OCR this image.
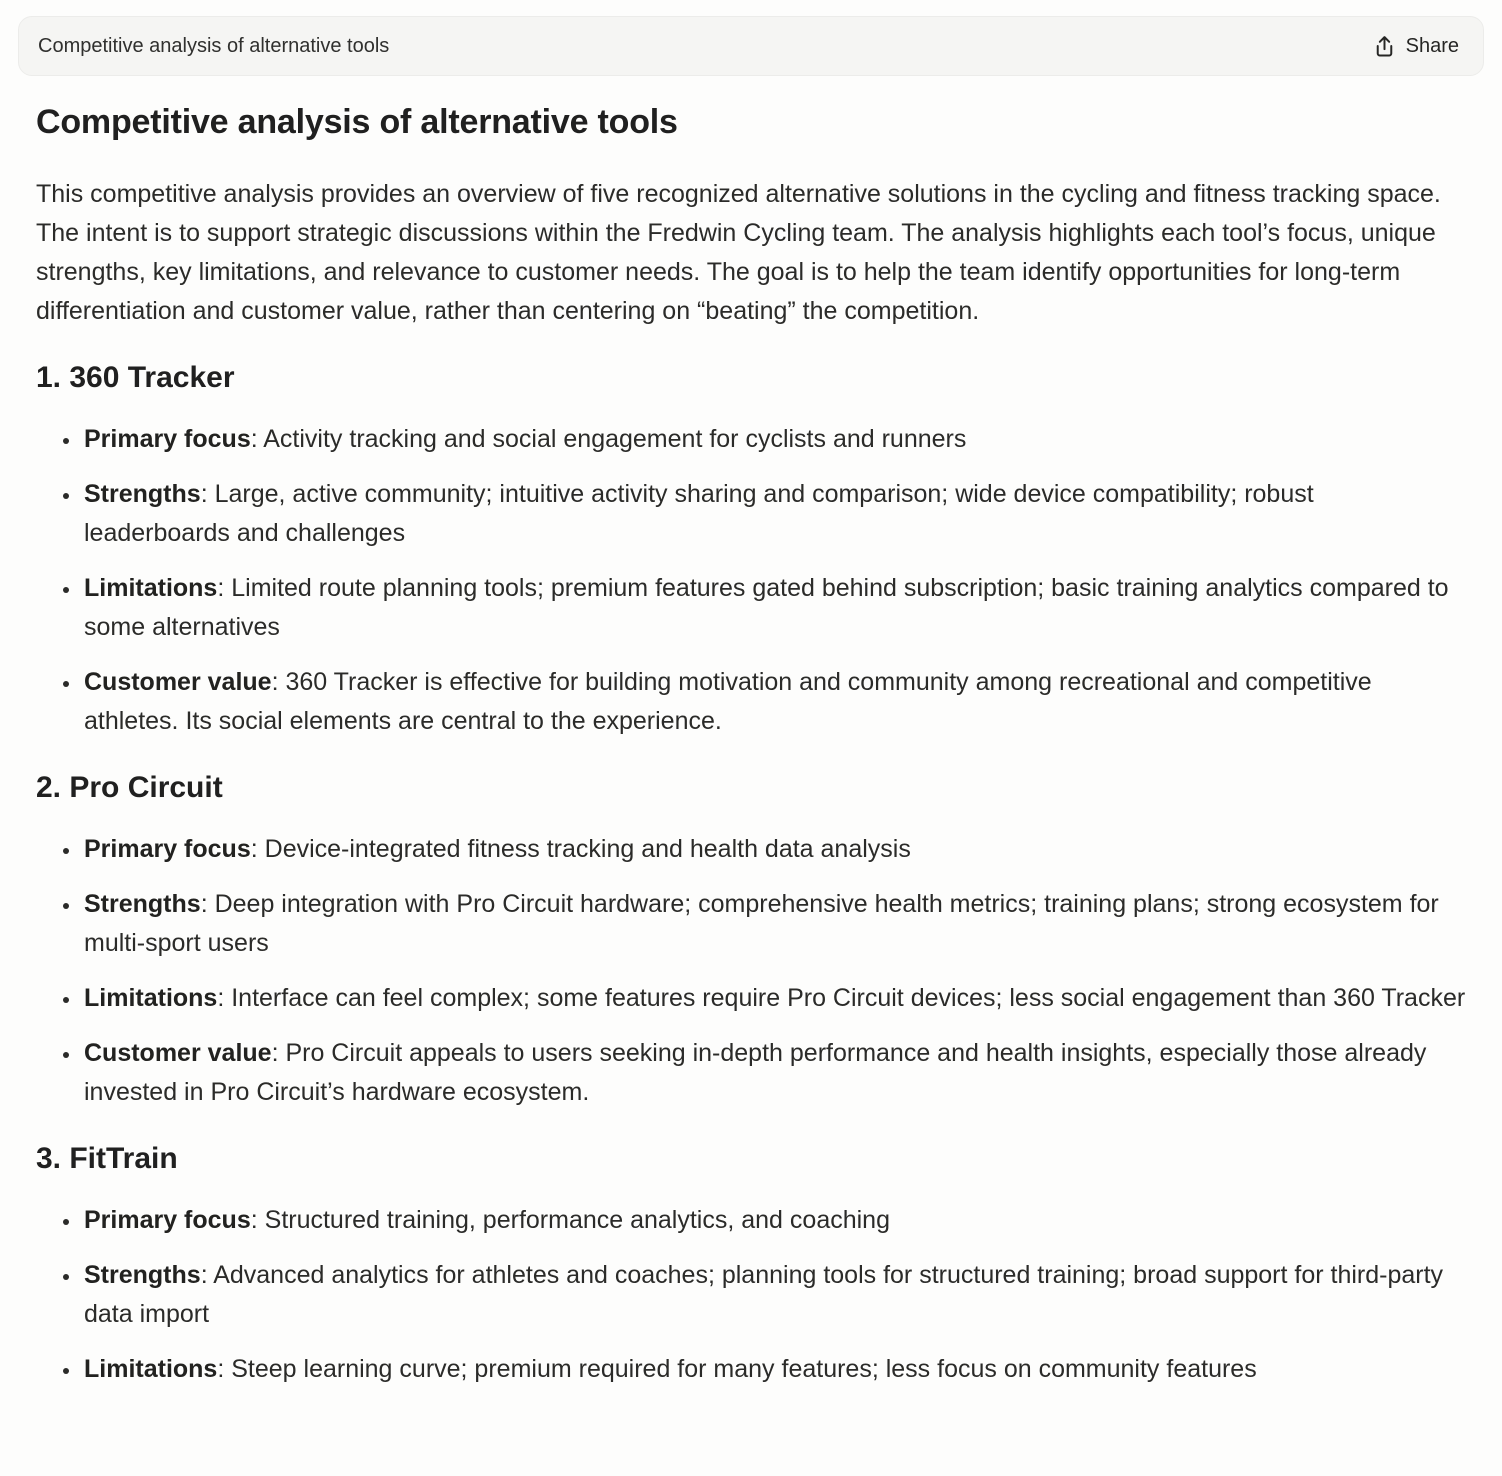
Competitive analysis of alternative tools	Share
Competitive analysis of alternative tools

This competitive analysis provides an overview of five recognized alternative solutions in the cycling and fitness tracking space. The intent is to support strategic discussions within the Fredwin Cycling team. The analysis highlights each tool’s focus, unique strengths, key limitations, and relevance to customer needs. The goal is to help the team identify opportunities for long-term differentiation and customer value, rather than centering on “beating” the competition.

1. 360 Tracker
• Primary focus: Activity tracking and social engagement for cyclists and runners
• Strengths: Large, active community; intuitive activity sharing and comparison; wide device compatibility; robust leaderboards and challenges
• Limitations: Limited route planning tools; premium features gated behind subscription; basic training analytics compared to some alternatives
• Customer value: 360 Tracker is effective for building motivation and community among recreational and competitive athletes. Its social elements are central to the experience.
2. Pro Circuit
• Primary focus: Device-integrated fitness tracking and health data analysis
• Strengths: Deep integration with Pro Circuit hardware; comprehensive health metrics; training plans; strong ecosystem for multi-sport users
• Limitations: Interface can feel complex; some features require Pro Circuit devices; less social engagement than 360 Tracker
• Customer value: Pro Circuit appeals to users seeking in-depth performance and health insights, especially those already invested in Pro Circuit’s hardware ecosystem.
3. FitTrain
• Primary focus: Structured training, performance analytics, and coaching
• Strengths: Advanced analytics for athletes and coaches; planning tools for structured training; broad support for third-party data import
• Limitations: Steep learning curve; premium required for many features; less focus on community features
